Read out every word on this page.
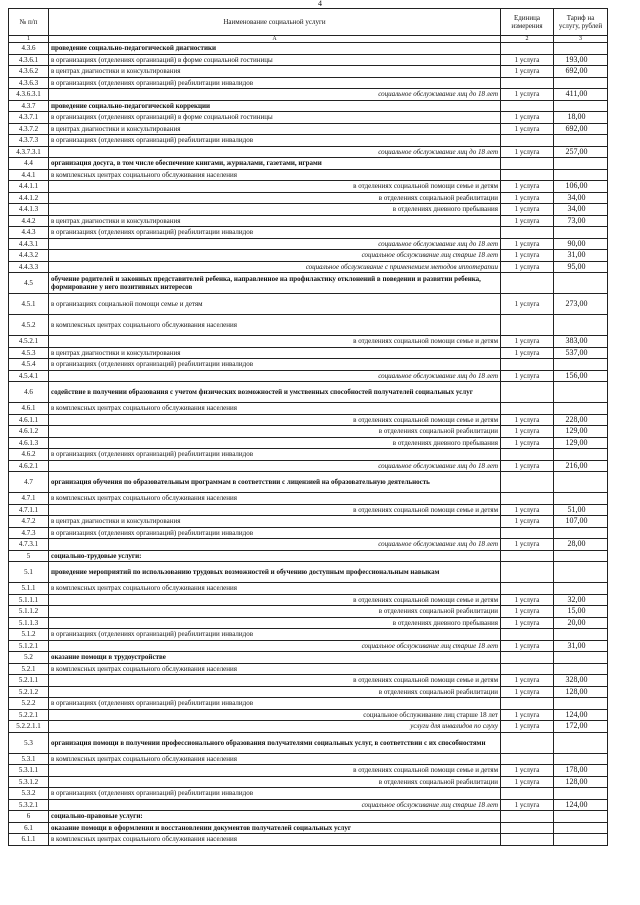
4
№ п/п	Наименование социальной услуги	Единица измерения	Тариф на услугу, рублей
1	А	2	3
4.3.6	проведение социально-педагогической диагностики		
4.3.6.1	в организациях (отделениях организаций) в форме социальной гостиницы	1 услуга	193,00
4.3.6.2	в центрах диагностики и консультирования	1 услуга	692,00
4.3.6.3	в организациях (отделениях организаций) реабилитации инвалидов		
4.3.6.3.1	социальное обслуживание лиц до 18 лет	1 услуга	411,00
4.3.7	проведение социально-педагогической коррекции		
4.3.7.1	в организациях (отделениях организаций) в форме социальной гостиницы	1 услуга	18,00
4.3.7.2	в центрах диагностики и консультирования	1 услуга	692,00
4.3.7.3	в организациях (отделениях организаций) реабилитации инвалидов		
4.3.7.3.1	социальное обслуживание лиц до 18 лет	1 услуга	257,00
4.4	организация досуга, в том числе обеспечение книгами, журналами, газетами, играми		
4.4.1	в комплексных центрах социального обслуживания населения		
4.4.1.1	в отделениях социальной помощи семье и детям	1 услуга	106,00
4.4.1.2	в отделениях социальной реабилитации	1 услуга	34,00
4.4.1.3	в отделениях дневного пребывания	1 услуга	34,00
4.4.2	в центрах диагностики и консультирования	1 услуга	73,00
4.4.3	в организациях (отделениях организаций) реабилитации инвалидов		
4.4.3.1	социальное обслуживание лиц до 18 лет	1 услуга	90,00
4.4.3.2	социальное обслуживание лиц старше 18 лет	1 услуга	31,00
4.4.3.3	социальное обслуживание с применением методов иппотерапии	1 услуга	95,00
4.5	обучение родителей и законных представителей ребенка, направленное на профилактику отклонений в поведении и развитии ребенка, формирование у него позитивных интересов		
4.5.1	в организациях социальной помощи семье и детям	1 услуга	273,00
4.5.2	в комплексных центрах социального обслуживания населения		
4.5.2.1	в отделениях социальной помощи семье и детям	1 услуга	383,00
4.5.3	в центрах диагностики и консультирования	1 услуга	537,00
4.5.4	в организациях (отделениях организаций) реабилитации инвалидов		
4.5.4.1	социальное обслуживание лиц до 18 лет	1 услуга	156,00
4.6	содействие в получении образования с учетом физических возможностей и умственных способностей получателей социальных услуг		
4.6.1	в комплексных центрах социального обслуживания населения		
4.6.1.1	в отделениях социальной помощи семье и детям	1 услуга	228,00
4.6.1.2	в отделениях социальной реабилитации	1 услуга	129,00
4.6.1.3	в отделениях дневного пребывания	1 услуга	129,00
4.6.2	в организациях (отделениях организаций) реабилитации инвалидов		
4.6.2.1	социальное обслуживание лиц до 18 лет	1 услуга	216,00
4.7	организация обучения по образовательным программам в соответствии с лицензией на образовательную деятельность		
4.7.1	в комплексных центрах социального обслуживания населения		
4.7.1.1	в отделениях социальной помощи семье и детям	1 услуга	51,00
4.7.2	в центрах диагностики и консультирования	1 услуга	107,00
4.7.3	в организациях (отделениях организаций) реабилитации инвалидов		
4.7.3.1	социальное обслуживание лиц до 18 лет	1 услуга	28,00
5	социально-трудовые услуги:		
5.1	проведение мероприятий по использованию трудовых возможностей и обучению доступным профессиональным навыкам		
5.1.1	в комплексных центрах социального обслуживания населения		
5.1.1.1	в отделениях социальной помощи семье и детям	1 услуга	32,00
5.1.1.2	в отделениях социальной реабилитации	1 услуга	15,00
5.1.1.3	в отделениях дневного пребывания	1 услуга	20,00
5.1.2	в организациях (отделениях организаций) реабилитации инвалидов		
5.1.2.1	социальное обслуживание лиц старше 18 лет	1 услуга	31,00
5.2	оказание помощи в трудоустройстве		
5.2.1	в комплексных центрах социального обслуживания населения		
5.2.1.1	в отделениях социальной помощи семье и детям	1 услуга	328,00
5.2.1.2	в отделениях социальной реабилитации	1 услуга	128,00
5.2.2	в организациях (отделениях организаций) реабилитации инвалидов		
5.2.2.1	социальное обслуживание лиц старше 18 лет	1 услуга	124,00
5.2.2.1.1	услуги для инвалидов по слуху	1 услуга	172,00
5.3	организация помощи в получении профессионального образования получателями социальных услуг, в соответствии с их способностями		
5.3.1	в комплексных центрах социального обслуживания населения		
5.3.1.1	в отделениях социальной помощи семье и детям	1 услуга	178,00
5.3.1.2	в отделениях социальной реабилитации	1 услуга	128,00
5.3.2	в организациях (отделениях организаций) реабилитации инвалидов		
5.3.2.1	социальное обслуживание лиц старше 18 лет	1 услуга	124,00
6	социально-правовые услуги:		
6.1	оказание помощи в оформлении и восстановлении документов получателей социальных услуг		
6.1.1	в комплексных центрах социального обслуживания населения		
